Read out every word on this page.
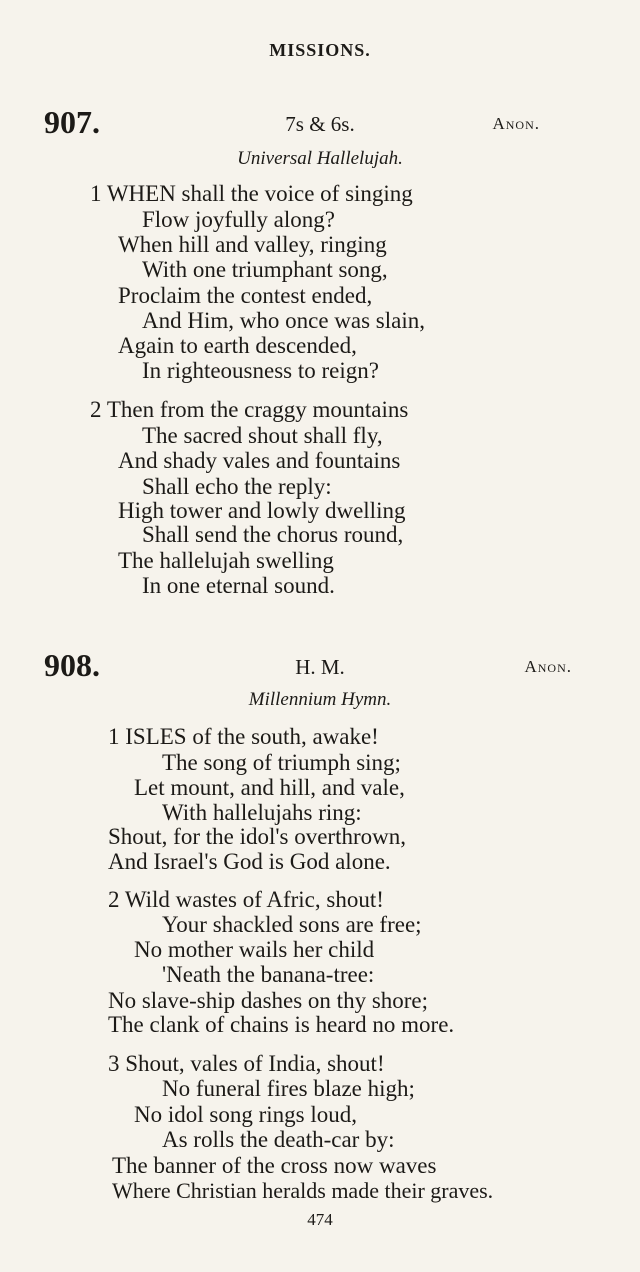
MISSIONS.
907.	7s & 6s.	Anon.
Universal Hallelujah.
1 WHEN shall the voice of singing
Flow joyfully along?
When hill and valley, ringing
With one triumphant song,
Proclaim the contest ended,
And Him, who once was slain,
Again to earth descended,
In righteousness to reign?
2 Then from the craggy mountains
The sacred shout shall fly,
And shady vales and fountains
Shall echo the reply:
High tower and lowly dwelling
Shall send the chorus round,
The hallelujah swelling
In one eternal sound.
908.	H. M.	Anon.
Millennium Hymn.
1 ISLES of the south, awake!
The song of triumph sing;
Let mount, and hill, and vale,
With hallelujahs ring:
Shout, for the idol's overthrown,
And Israel's God is God alone.
2 Wild wastes of Afric, shout!
Your shackled sons are free;
No mother wails her child
'Neath the banana-tree:
No slave-ship dashes on thy shore;
The clank of chains is heard no more.
3 Shout, vales of India, shout!
No funeral fires blaze high;
No idol song rings loud,
As rolls the death-car by:
The banner of the cross now waves
Where Christian heralds made their graves.
474
